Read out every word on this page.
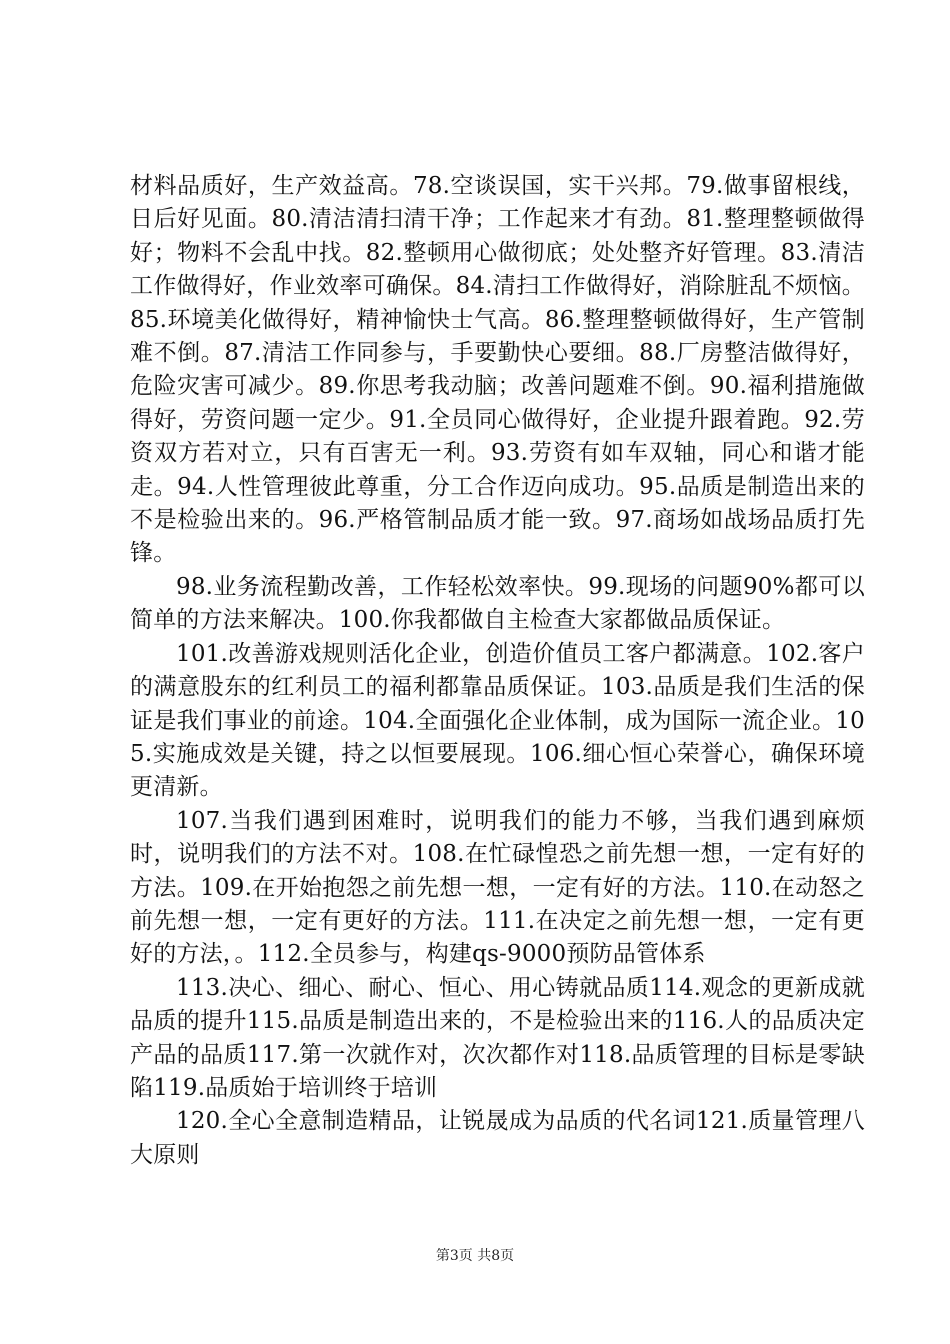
材料品质好，生产效益高。78.空谈误国，实干兴邦。79.做事留根线，日后好见面。80.清洁清扫清干净；工作起来才有劲。81.整理整顿做得好；物料不会乱中找。82.整顿用心做彻底；处处整齐好管理。83.清洁工作做得好，作业效率可确保。84.清扫工作做得好，消除脏乱不烦恼。85.环境美化做得好，精神愉快士气高。86.整理整顿做得好，生产管制难不倒。87.清洁工作同参与，手要勤快心要细。88.厂房整洁做得好，危险灾害可减少。89.你思考我动脑；改善问题难不倒。90.福利措施做得好，劳资问题一定少。91.全员同心做得好，企业提升跟着跑。92.劳资双方若对立，只有百害无一利。93.劳资有如车双轴，同心和谐才能走。94.人性管理彼此尊重，分工合作迈向成功。95.品质是制造出来的不是检验出来的。96.严格管制品质才能一致。97.商场如战场品质打先锋。

98.业务流程勤改善，工作轻松效率快。99.现场的问题90%都可以简单的方法来解决。100.你我都做自主检查大家都做品质保证。

101.改善游戏规则活化企业，创造价值员工客户都满意。102.客户的满意股东的红利员工的福利都靠品质保证。103.品质是我们生活的保证是我们事业的前途。104.全面强化企业体制，成为国际一流企业。105.实施成效是关键，持之以恒要展现。106.细心恒心荣誉心，确保环境更清新。

107.当我们遇到困难时，说明我们的能力不够，当我们遇到麻烦时，说明我们的方法不对。108.在忙碌惶恐之前先想一想，一定有好的方法。109.在开始抱怨之前先想一想，一定有好的方法。110.在动怒之前先想一想，一定有更好的方法。111.在决定之前先想一想，一定有更好的方法，。112.全员参与，构建qs-9000预防品管体系

113.决心、细心、耐心、恒心、用心铸就品质114.观念的更新成就品质的提升115.品质是制造出来的，不是检验出来的116.人的品质决定产品的品质117.第一次就作对，次次都作对118.品质管理的目标是零缺陷119.品质始于培训终于培训

120.全心全意制造精品，让锐晟成为品质的代名词121.质量管理八大原则

第3页 共8页
